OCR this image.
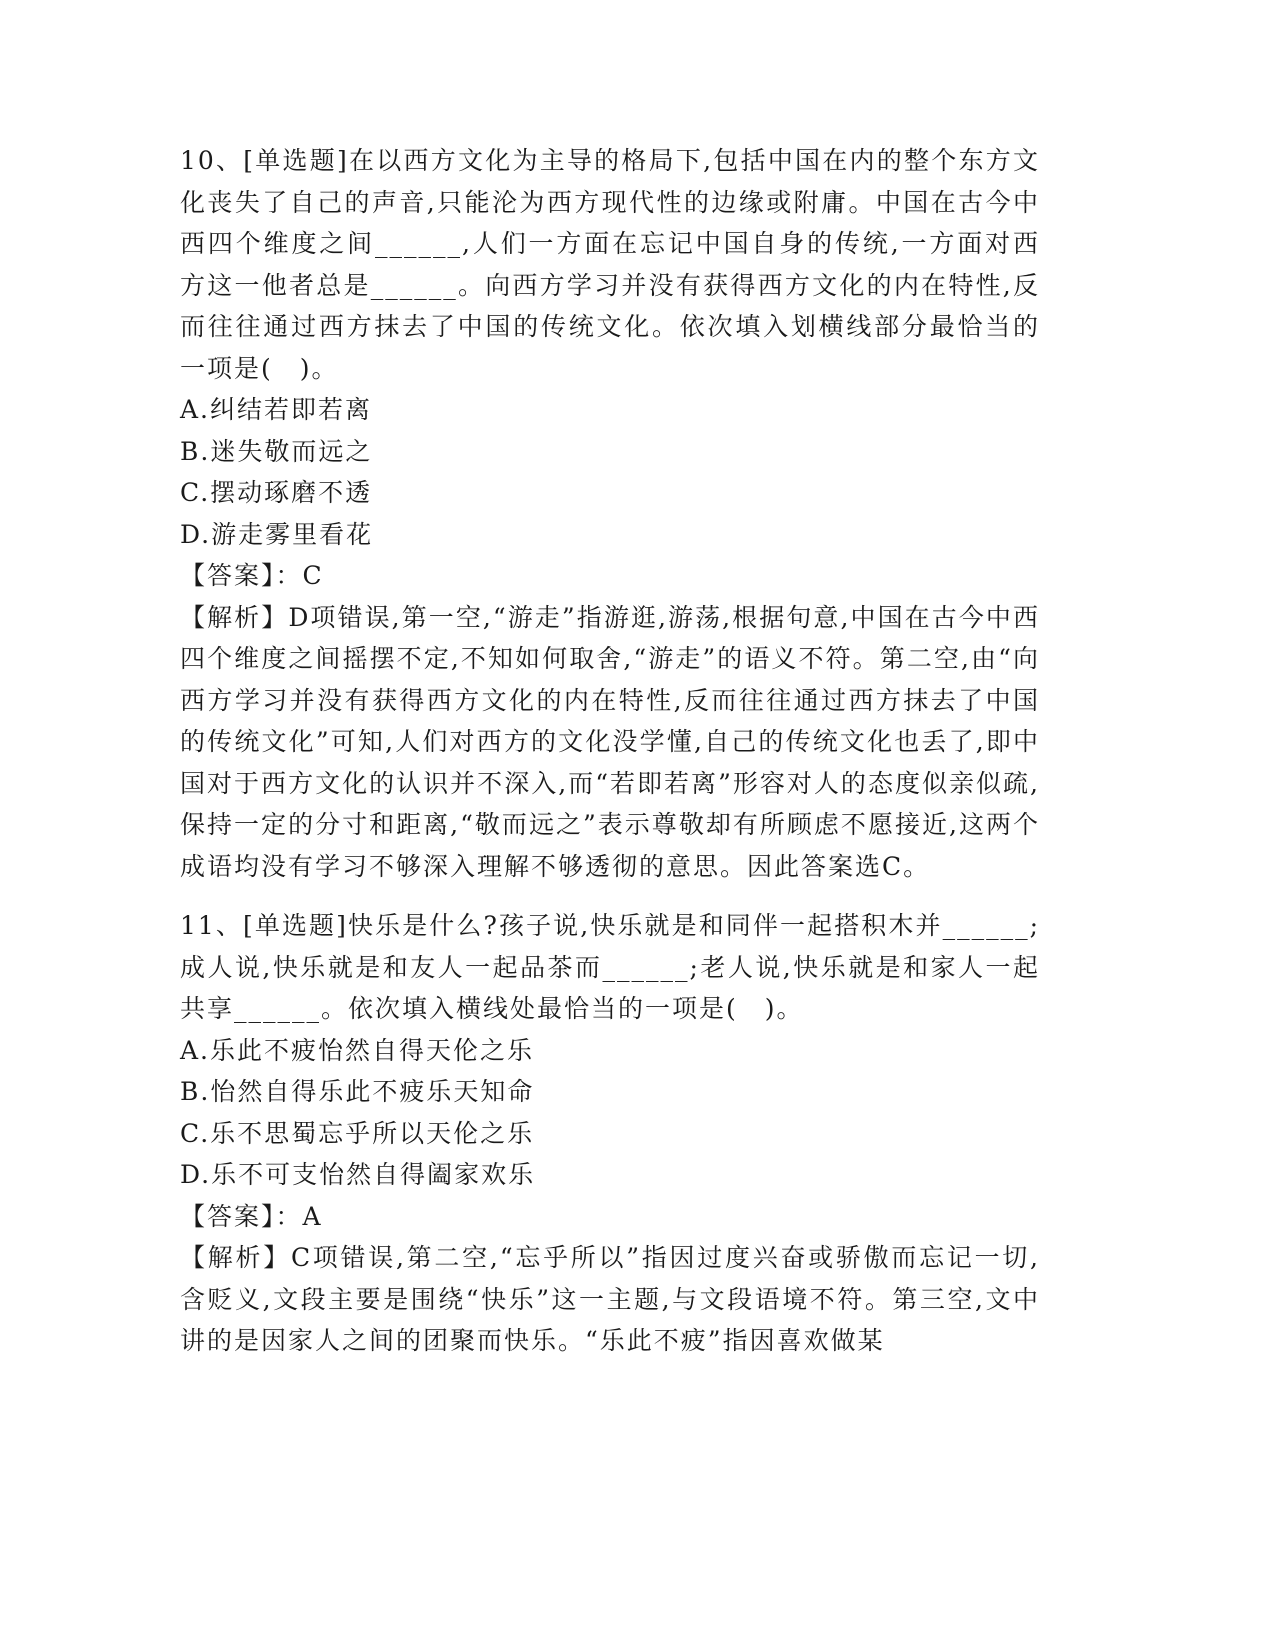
10、[单选题]在以西方文化为主导的格局下,包括中国在内的整个东方文化丧失了自己的声音,只能沦为西方现代性的边缘或附庸。中国在古今中西四个维度之间______,人们一方面在忘记中国自身的传统,一方面对西方这一他者总是______。向西方学习并没有获得西方文化的内在特性,反而往往通过西方抹去了中国的传统文化。依次填入划横线部分最恰当的一项是(　)。

A.纠结若即若离

B.迷失敬而远之

C.摆动琢磨不透

D.游走雾里看花

【答案】：C

【解析】D项错误,第一空,“游走”指游逛,游荡,根据句意,中国在古今中西四个维度之间摇摆不定,不知如何取舍,“游走”的语义不符。第二空,由“向西方学习并没有获得西方文化的内在特性,反而往往通过西方抹去了中国的传统文化”可知,人们对西方的文化没学懂,自己的传统文化也丢了,即中国对于西方文化的认识并不深入,而“若即若离”形容对人的态度似亲似疏,保持一定的分寸和距离,“敬而远之”表示尊敬却有所顾虑不愿接近,这两个成语均没有学习不够深入理解不够透彻的意思。因此答案选C。

11、[单选题]快乐是什么?孩子说,快乐就是和同伴一起搭积木并______;成人说,快乐就是和友人一起品茶而______;老人说,快乐就是和家人一起共享______。依次填入横线处最恰当的一项是(　)。

A.乐此不疲怡然自得天伦之乐

B.怡然自得乐此不疲乐天知命

C.乐不思蜀忘乎所以天伦之乐

D.乐不可支怡然自得阖家欢乐

【答案】：A

【解析】C项错误,第二空,“忘乎所以”指因过度兴奋或骄傲而忘记一切,含贬义,文段主要是围绕“快乐”这一主题,与文段语境不符。第三空,文中讲的是因家人之间的团聚而快乐。“乐此不疲”指因喜欢做某
